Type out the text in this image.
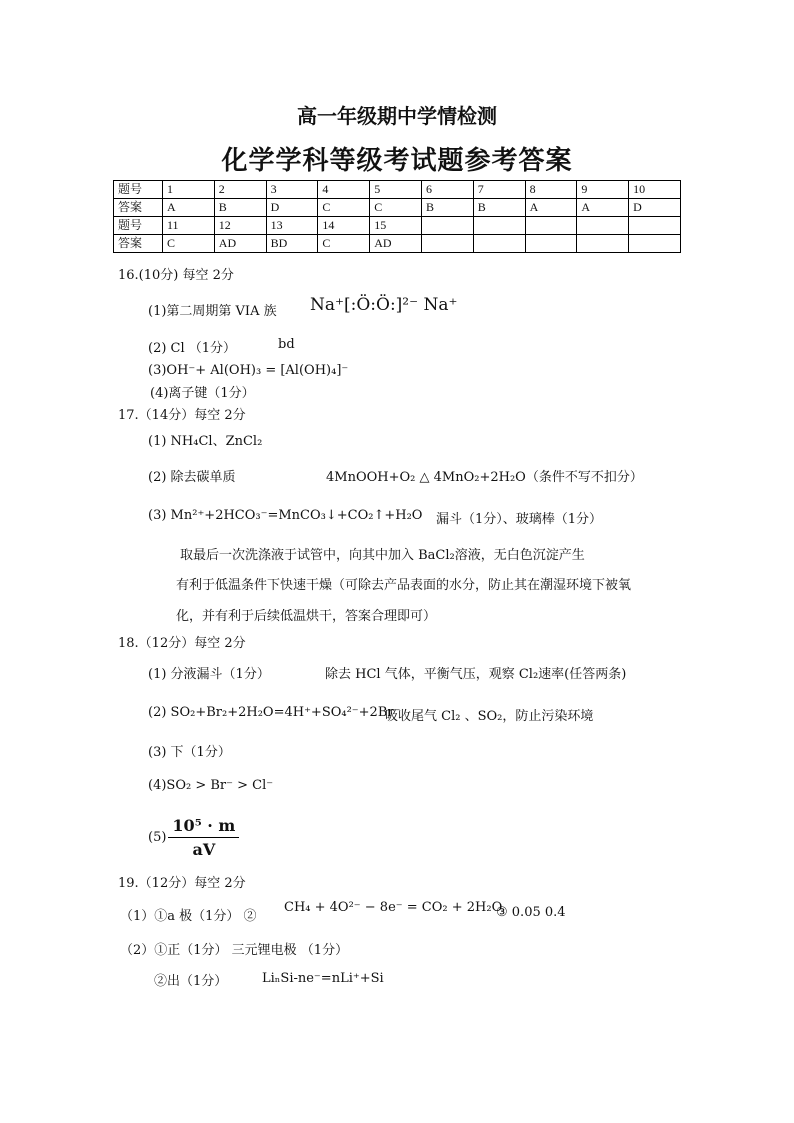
高一年级期中学情检测
化学学科等级考试题参考答案
题号	1	2	3	4	5	6	7	8	9	10
答案	A	B	D	C	C	B	B	A	A	D
题号	11	12	13	14	15					
答案	C	AD	BD	C	AD					
16.(10分) 每空 2分
(1)第二周期第 VIA 族 Na⁺[:Ö:Ö:]²⁻ Na⁺
(2) Cl （1分）	bd
(3)OH⁻+ Al(OH)₃ = [Al(OH)₄]⁻
(4)离子键（1分）
17.（14分）每空 2分
(1) NH₄Cl、ZnCl₂
(2) 除去碳单质	4MnOOH+O₂ △ 4MnO₂+2H₂O（条件不写不扣分）
(3) Mn²⁺+2HCO₃⁻=MnCO₃↓+CO₂↑+H₂O 漏斗（1分）、玻璃棒（1分）
取最后一次洗涤液于试管中，向其中加入 BaCl₂溶液，无白色沉淀产生
有利于低温条件下快速干燥（可除去产品表面的水分，防止其在潮湿环境下被氧
化，并有利于后续低温烘干，答案合理即可）
18.（12分）每空 2分
(1) 分液漏斗（1分）	除去 HCl 气体，平衡气压，观察 Cl₂速率(任答两条)
(2) SO₂+Br₂+2H₂O=4H⁺+SO₄²⁻+2Br⁻
吸收尾气 Cl₂ 、SO₂，防止污染环境
(3) 下（1分）
(4)SO₂ > Br⁻ > Cl⁻
$(5) \frac{\text{10⁵ · m}}{aV}$
19.（12分）每空 2分
（1）①a 极（1分） ②
CH₄ + 4O²⁻ − 8e⁻ = CO₂ + 2H₂O
③ 0.05 0.4
（2）①正（1分） 三元锂电极 （1分）
②出（1分）	LiₙSi-ne⁻=nLi⁺+Si
